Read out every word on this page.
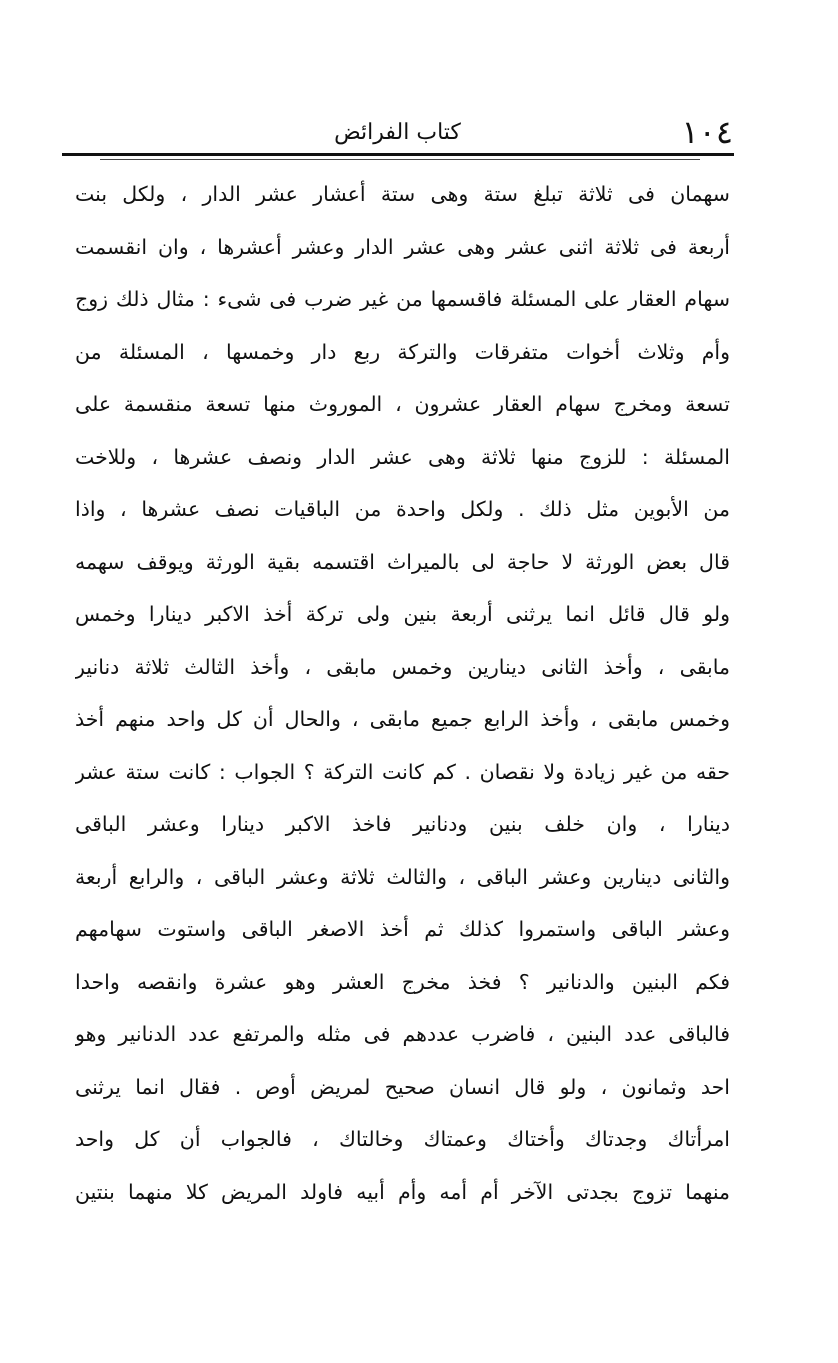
١٠٤
كتاب الفرائض
سهمان فى ثلاثة تبلغ ستة وهى ستة أعشار عشر الدار ، ولكل بنت
أربعة فى ثلاثة اثنى عشر وهى عشر الدار وعشر أعشرها ، وان انقسمت
سهام العقار على المسئلة فاقسمها من غير ضرب فى شىء : مثال ذلك زوج
وأم وثلاث أخوات متفرقات والتركة ربع دار وخمسها ، المسئلة من
تسعة ومخرج سهام العقار عشرون ، الموروث منها تسعة منقسمة على
المسئلة : للزوج منها ثلاثة وهى عشر الدار ونصف عشرها ، وللاخت
من الأبوين مثل ذلك . ولكل واحدة من الباقيات نصف عشرها ، واذا
قال بعض الورثة لا حاجة لى بالميراث اقتسمه بقية الورثة ويوقف سهمه
ولو قال قائل انما يرثنى أربعة بنين ولى تركة أخذ الاكبر دينارا وخمس
مابقى ، وأخذ الثانى دينارين وخمس مابقى ، وأخذ الثالث ثلاثة دنانير
وخمس مابقى ، وأخذ الرابع جميع مابقى ، والحال أن كل واحد منهم أخذ
حقه من غير زيادة ولا نقصان . كم كانت التركة ؟ الجواب : كانت ستة عشر
دينارا ، وان خلف بنين ودنانير فاخذ الاكبر دينارا وعشر الباقى
والثانى دينارين وعشر الباقى ، والثالث ثلاثة وعشر الباقى ، والرابع أربعة
وعشر الباقى واستمروا كذلك ثم أخذ الاصغر الباقى واستوت سهامهم
فكم البنين والدنانير ؟ فخذ مخرج العشر وهو عشرة وانقصه واحدا
فالباقى عدد البنين ، فاضرب عددهم فى مثله والمرتفع عدد الدنانير وهو
احد وثمانون ، ولو قال انسان صحيح لمريض أوص . فقال انما يرثنى
امرأتاك وجدتاك وأختاك وعمتاك وخالتاك ، فالجواب أن كل واحد
منهما تزوج بجدتى الآخر أم أمه وأم أبيه فاولد المريض كلا منهما بنتين
